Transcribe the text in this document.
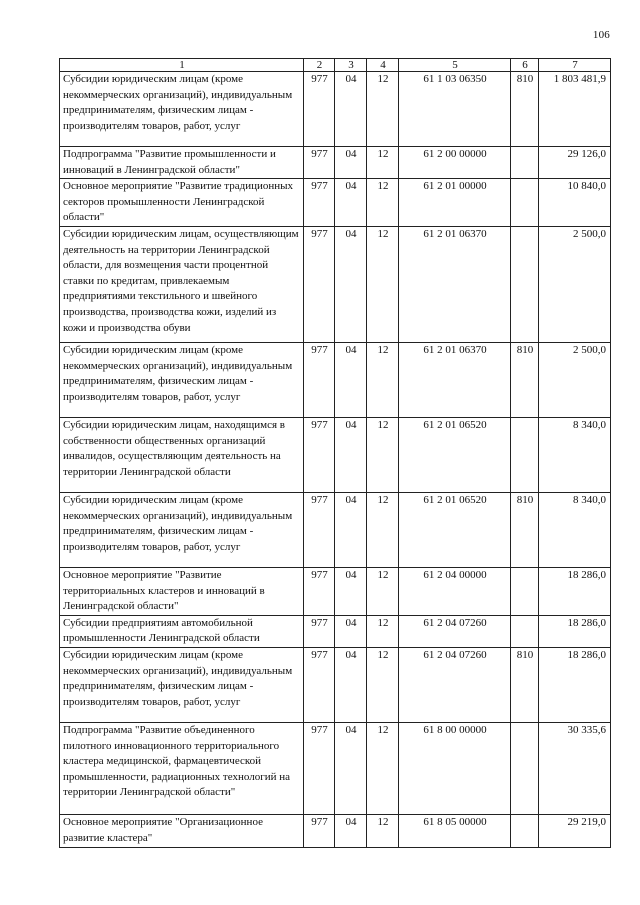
106
1	2	3	4	5	6	7
Субсидии юридическим лицам (кроме некоммерческих организаций), индивидуальным предпринимателям, физическим лицам - производителям товаров, работ, услуг	977	04	12	61 1 03 06350	810	1 803 481,9
Подпрограмма "Развитие промышленности и инноваций в Ленинградской области"	977	04	12	61 2 00 00000		29 126,0
Основное мероприятие "Развитие традиционных секторов промышленности Ленинградской области"	977	04	12	61 2 01 00000		10 840,0
Субсидии юридическим лицам, осуществляющим деятельность на территории Ленинградской области, для возмещения части процентной ставки по кредитам, привлекаемым предприятиями текстильного и швейного производства, производства кожи, изделий из кожи и производства обуви	977	04	12	61 2 01 06370		2 500,0
Субсидии юридическим лицам (кроме некоммерческих организаций), индивидуальным предпринимателям, физическим лицам - производителям товаров, работ, услуг	977	04	12	61 2 01 06370	810	2 500,0
Субсидии юридическим лицам, находящимся в собственности общественных организаций инвалидов, осуществляющим деятельность на территории Ленинградской области	977	04	12	61 2 01 06520		8 340,0
Субсидии юридическим лицам (кроме некоммерческих организаций), индивидуальным предпринимателям, физическим лицам - производителям товаров, работ, услуг	977	04	12	61 2 01 06520	810	8 340,0
Основное мероприятие "Развитие территориальных кластеров и инноваций в Ленинградской области"	977	04	12	61 2 04 00000		18 286,0
Субсидии предприятиям автомобильной промышленности Ленинградской области	977	04	12	61 2 04 07260		18 286,0
Субсидии юридическим лицам (кроме некоммерческих организаций), индивидуальным предпринимателям, физическим лицам - производителям товаров, работ, услуг	977	04	12	61 2 04 07260	810	18 286,0
Подпрограмма "Развитие объединенного пилотного инновационного территориального кластера медицинской, фармацевтической промышленности, радиационных технологий на территории Ленинградской области"	977	04	12	61 8 00 00000		30 335,6
Основное мероприятие "Организационное развитие кластера"	977	04	12	61 8 05 00000		29 219,0
